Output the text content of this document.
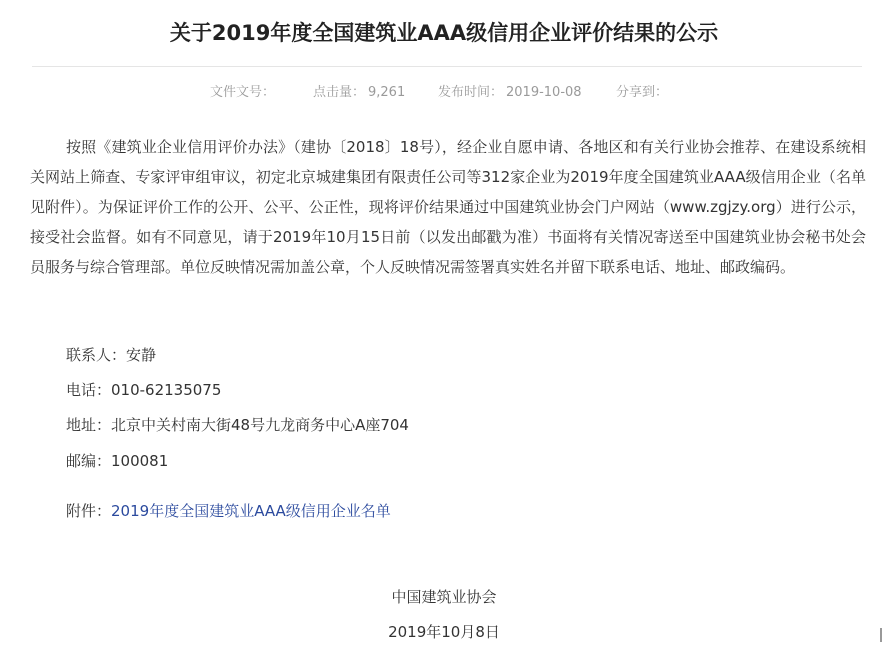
关于2019年度全国建筑业AAA级信用企业评价结果的公示
文件文号：	点击量： 9,261	发布时间： 2019-10-08	分享到：

按照《建筑业企业信用评价办法》（建协〔2018〕18号），经企业自愿申请、各地区和有关行业协会推荐、在建设系统相关网站上筛查、专家评审组审议，初定北京城建集团有限责任公司等312家企业为2019年度全国建筑业AAA级信用企业（名单见附件）。为保证评价工作的公开、公平、公正性，现将评价结果通过中国建筑业协会门户网站（www.zgjzy.org）进行公示，接受社会监督。如有不同意见，请于2019年10月15日前（以发出邮戳为准）书面将有关情况寄送至中国建筑业协会秘书处会员服务与综合管理部。单位反映情况需加盖公章，个人反映情况需签署真实姓名并留下联系电话、地址、邮政编码。

联系人：安静
电话：010-62135075
地址：北京中关村南大街48号九龙商务中心A座704
邮编：100081
附件：2019年度全国建筑业AAA级信用企业名单
中国建筑业协会
2019年10月8日
